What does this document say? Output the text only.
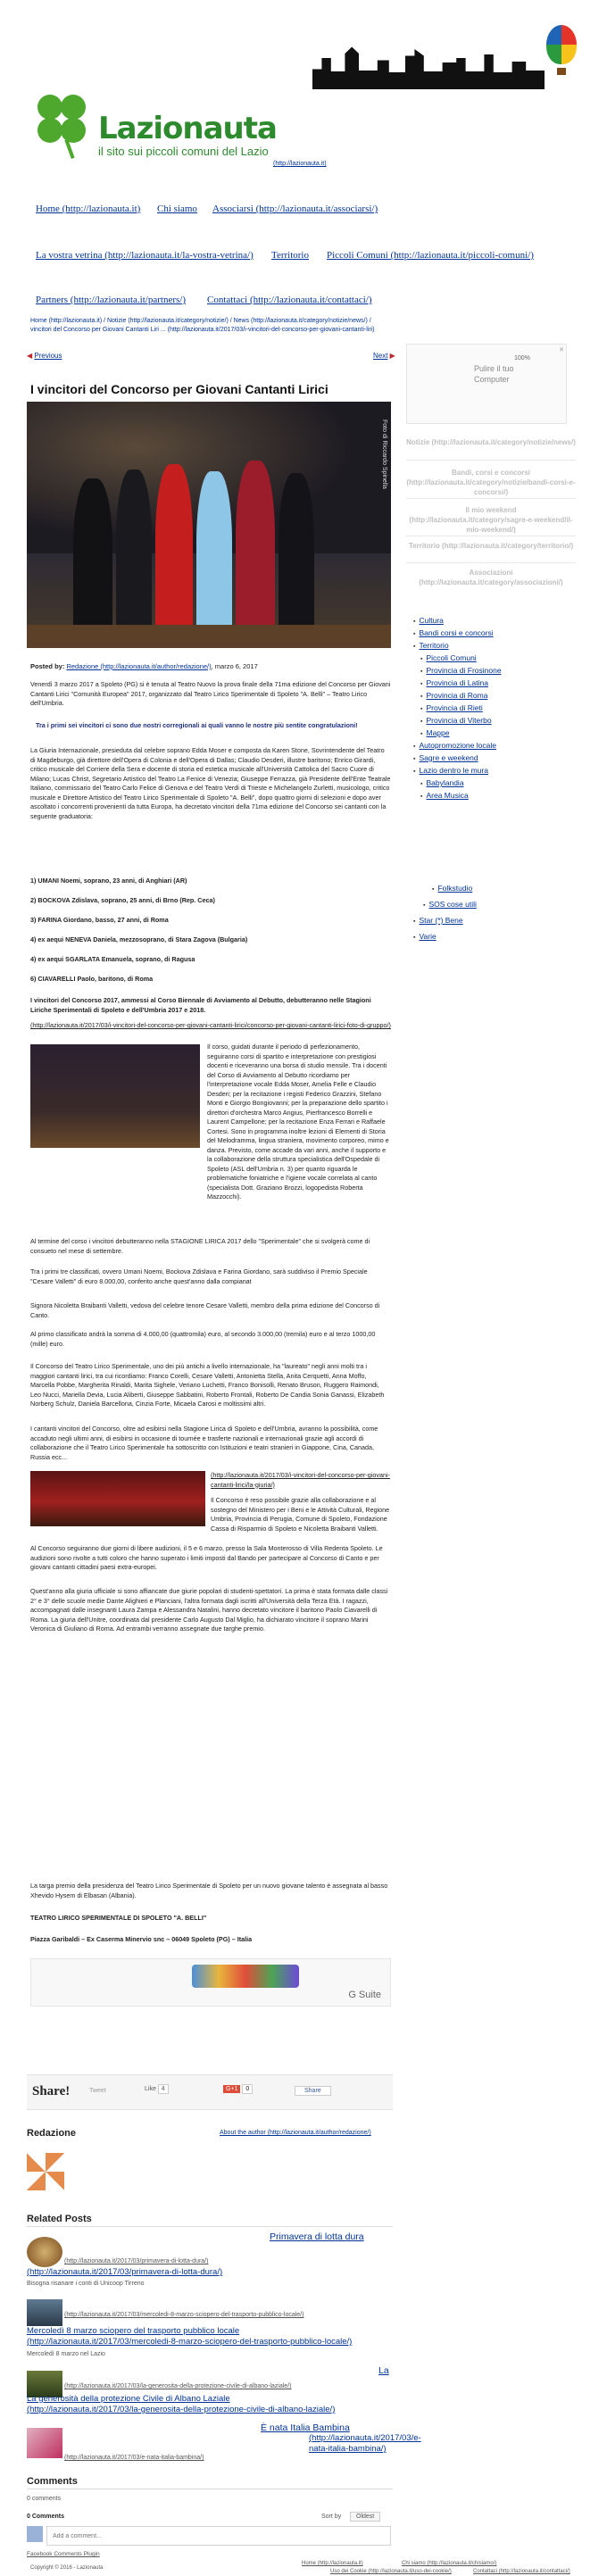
Lazionauta
il sito sui piccoli comuni del Lazio
(http://lazionauta.it)
Home (http://lazionauta.it) Chi siamo Associarsi (http://lazionauta.it/associarsi/)
La vostra vetrina (http://lazionauta.it/la-vostra-vetrina/) Territorio Piccoli Comuni (http://lazionauta.it/piccoli-comuni/)
Partners (http://lazionauta.it/partners/) Contattaci (http://lazionauta.it/contattaci/)
Home (http://lazionauta.it) / Notizie (http://lazionauta.it/category/notizie/) / News (http://lazionauta.it/category/notizie/news/) /
vincitori del Concorso per Giovani Cantanti Liri ... (http://lazionauta.it/2017/03/i-vincitori-del-concorso-per-giovani-cantanti-liri)
◀ Previous	Next ▶
I vincitori del Concorso per Giovani Cantanti Lirici
Foto di Riccardo Spinella
Posted by: Redazione (http://lazionauta.it/author/redazione/), marzo 6, 2017
Venerdì 3 marzo 2017 a Spoleto (PG) si è tenuta al Teatro Nuovo la prova finale della 71ma edizione del Concorso per Giovani Cantanti Lirici "Comunità Europea" 2017, organizzato dal Teatro Lirico Sperimentale di Spoleto "A. Belli" – Teatro Lirico dell'Umbria.
Tra i primi sei vincitori ci sono due nostri corregionali ai quali vanno le nostre più sentite congratulazioni!
La Giuria Internazionale, presieduta dal celebre soprano Edda Moser e composta da Karen Stone, Sovrintendente del Teatro di Magdeburgo, già direttore dell'Opera di Colonia e dell'Opera di Dallas; Claudio Desderi, illustre baritono; Enrico Girardi, critico musicale del Corriere della Sera e docente di storia ed estetica musicale all'Università Cattolica del Sacro Cuore di Milano; Lucas Christ, Segretario Artistico del Teatro La Fenice di Venezia; Giuseppe Ferrazza, già Presidente dell'Ente Teatrale Italiano, commissario del Teatro Carlo Felice di Genova e del Teatro Verdi di Trieste e Michelangelo Zurletti, musicologo, critico musicale e Direttore Artistico del Teatro Lirico Sperimentale di Spoleto "A. Belli", dopo quattro giorni di selezioni e dopo aver ascoltato i concorrenti provenienti da tutta Europa, ha decretato vincitori della 71ma edizione del Concorso sei cantanti con la seguente graduatoria:
1) UMANI Noemi, soprano, 23 anni, di Anghiari (AR)
2) BOCKOVA Zdislava, soprano, 25 anni, di Brno (Rep. Ceca)
3) FARINA Giordano, basso, 27 anni, di Roma
4) ex aequi NENEVA Daniela, mezzosoprano, di Stara Zagova (Bulgaria)
4) ex aequi SGARLATA Emanuela, soprano, di Ragusa
6) CIAVARELLI Paolo, baritono, di Roma
I vincitori del Concorso 2017, ammessi al Corso Biennale di Avviamento al Debutto, debutteranno nelle Stagioni Liriche Sperimentali di Spoleto e dell'Umbria 2017 e 2018.
(http://lazionauta.it/2017/03/i-vincitori-del-concorso-per-giovani-cantanti-lirici/concorso-per-giovani-cantanti-lirici-foto-di-gruppo/)
Il corso, guidati durante il periodo di perfezionamento, seguiranno corsi di spartito e interpretazione con prestigiosi docenti e riceveranno una borsa di studio mensile. Tra i docenti del Corso di Avviamento al Debutto ricordiamo per l'interpretazione vocale Edda Moser, Amelia Felle e Claudio Desderi; per la recitazione i registi Federico Grazzini, Stefano Monti e Giorgio Bongiovanni; per la preparazione dello spartito i direttori d'orchestra Marco Angius, Pierfrancesco Borrelli e Laurent Campellone; per la recitazione Enza Ferrari e Raffaele Cortesi. Sono in programma inoltre lezioni di Elementi di Storia del Melodramma, lingua straniera, movimento corporeo, mimo e danza. Previsto, come accade da vari anni, anche il supporto e la collaborazione della struttura specialistica dell'Ospedale di Spoleto (ASL dell'Umbria n. 3) per quanto riguarda le problematiche foniatriche e l'igiene vocale correlata al canto (specialista Dott. Graziano Brozzi, logopedista Roberta Mazzocchi).
Al termine del corso i vincitori debutteranno nella STAGIONE LIRICA 2017 dello "Sperimentale" che si svolgerà come di consueto nel mese di settembre.
Tra i primi tre classificati, ovvero Umani Noemi, Bockova Zdislava e Farina Giordano, sarà suddiviso il Premio Speciale "Cesare Valletti" di euro 8.000,00, conferito anche quest'anno dalla compianat
Signora Nicoletta Braibanti Valletti, vedova del celebre tenore Cesare Valletti, membro della prima edizione del Concorso di Canto.
Al primo classificato andrà la somma di 4.000,00 (quattromila) euro, al secondo 3.000,00 (tremila) euro e al terzo 1000,00 (mille) euro.
Il Concorso del Teatro Lirico Sperimentale, uno dei più antichi a livello internazionale, ha "laureato" negli anni molti tra i maggiori cantanti lirici, tra cui ricordiamo: Franco Corelli, Cesare Valletti, Antonietta Stella, Anita Cerquetti, Anna Moffo, Marcella Pobbe, Margherita Rinaldi, Marita Sighele, Veriano Luchetti, Franco Bonisolli, Renato Bruson, Ruggero Raimondi, Leo Nucci, Mariella Devia, Lucia Aliberti, Giuseppe Sabbatini, Roberto Frontali, Roberto De Candia Sonia Ganassi, Elizabeth Norberg Schulz, Daniela Barcellona, Cinzia Forte, Micaela Carosi e moltissimi altri.
I cantanti vincitori del Concorso, oltre ad esibirsi nella Stagione Lirica di Spoleto e dell'Umbria, avranno la possibilità, come accaduto negli ultimi anni, di esibirsi in occasione di tournée e trasferte nazionali e internazionali grazie agli accordi di collaborazione che il Teatro Lirico Sperimentale ha sottoscritto con Istituzioni e teatri stranieri in Giappone, Cina, Canada, Russia ecc...
(http://lazionauta.it/2017/03/i-vincitori-del-concorso-per-giovani-cantanti-lirici/la-giuria/)
Il Concorso è reso possibile grazie alla collaborazione e al sostegno del Ministero per i Beni e le Attività Culturali, Regione Umbria, Provincia di Perugia, Comune di Spoleto, Fondazione Cassa di Risparmio di Spoleto e Nicoletta Braibanti Valletti.
Al Concorso seguiranno due giorni di libere audizioni, il 5 e 6 marzo, presso la Sala Monterosso di Villa Redenta Spoleto. Le audizioni sono rivolte a tutti coloro che hanno superato i limiti imposti dal Bando per partecipare al Concorso di Canto e per giovani cantanti cittadini paesi extra-europei.
Quest'anno alla giuria ufficiale si sono affiancate due giurie popolari di studenti-spettatori. La prima è stata formata dalle classi 2° e 3° delle scuole medie Dante Alighieri e Planciani, l'altra formata dagli iscritti all'Università della Terza Età. I ragazzi, accompagnati dalle insegnanti Laura Zampa e Alessandra Natalini, hanno decretato vincitore il baritono Paolo Ciavarelli di Roma. La giuria dell'Unitre, coordinata dal presidente Carlo Augusto Dal Miglio, ha dichiarato vincitore il soprano Marini Veronica di Giuliano di Roma. Ad entrambi verranno assegnate due targhe premio.
La targa premio della presidenza del Teatro Lirico Sperimentale di Spoleto per un nuovo giovane talento è assegnata al basso Xhevido Hysem di Elbasan (Albania).
TEATRO LIRICO SPERIMENTALE DI SPOLETO "A. BELLI"
Piazza Garibaldi – Ex Caserma Minervio snc – 06049 Spoleto (PG) – Italia
G Suite
Share!	Tweet	Like 4	G+1 0	Share
Redazione	About the author (http://lazionauta.it/author/redazione/)
Related Posts
Primavera di lotta dura
(http://lazionauta.it/2017/03/primavera-di-lotta-dura/)
(http://lazionauta.it/2017/03/primavera-di-lotta-dura/)
Bisogna risanare i conti di Unicoop Tirreno
(http://lazionauta.it/2017/03/mercoledi-8-marzo-sciopero-del-trasporto-pubblico-locale/)
Mercoledì 8 marzo sciopero del trasporto pubblico locale
(http://lazionauta.it/2017/03/mercoledi-8-marzo-sciopero-del-trasporto-pubblico-locale/)
Mercoledì 8 marzo nel Lazio
La
(http://lazionauta.it/2017/03/la-generosita-della-protezione-civile-di-albano-laziale/)
La generosità della protezione Civile di Albano Laziale
(http://lazionauta.it/2017/03/la-generosita-della-protezione-civile-di-albano-laziale/)
È nata Italia Bambina
(http://lazionauta.it/2017/03/e-nata-italia-bambina/)
(http://lazionauta.it/2017/03/e-nata-italia-bambina/)
Comments
0 comments
0 Comments	Sort by	Oldest
Add a comment...
Facebook Comments Plugin
Copyright © 2016 - Lazionauta
Home (http://lazionauta.it)	Chi siamo (http://lazionauta.it/chisiamo/)
Uso dei Cookie (http://lazionauta.it/uso-dei-cookie/)	Contattaci (http://lazionauta.it/contattaci/)
Pulire il tuo
Computer
100%
✕
Notizie (http://lazionauta.it/category/notizie/news/)
Bandi, corsi e concorsi (http://lazionauta.it/category/notizie/bandi-corsi-e-concorsi/)
Il mio weekend (http://lazionauta.it/category/sagre-e-weekend/il-mio-weekend/)
Territorio (http://lazionauta.it/category/territorio/)
Associazioni (http://lazionauta.it/category/associazioni/)
▪ Cultura
▪ Bandi corsi e concorsi
▪ Territorio
▪ Piccoli Comuni
▪ Provincia di Frosinone
▪ Provincia di Latina
▪ Provincia di Roma
▪ Provincia di Rieti
▪ Provincia di Viterbo
▪ Mappe
▪ Autopromozione locale
▪ Sagre e weekend
▪ Lazio dentro le mura
▪ Babylandia
▪ Area Musica
▪ Folkstudio
▪ SOS cose utili
▪ Star (*) Bene
▪ Varie
